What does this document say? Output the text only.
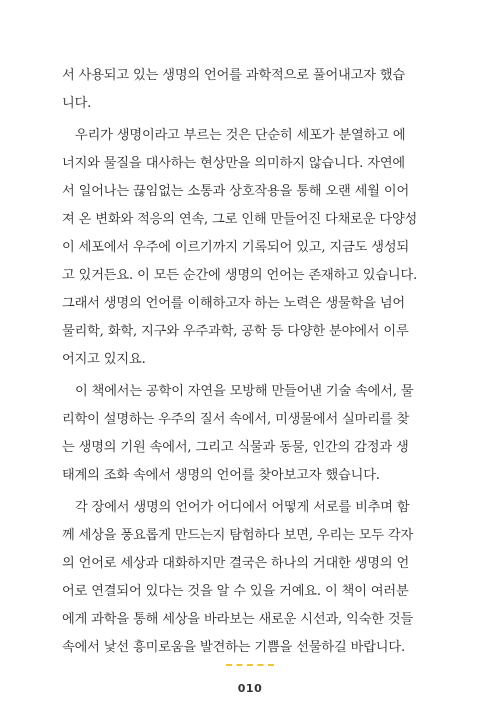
서 사용되고 있는 생명의 언어를 과학적으로 풀어내고자 했습
니다.
우리가 생명이라고 부르는 것은 단순히 세포가 분열하고 에
너지와 물질을 대사하는 현상만을 의미하지 않습니다. 자연에
서 일어나는 끊임없는 소통과 상호작용을 통해 오랜 세월 이어
져 온 변화와 적응의 연속, 그로 인해 만들어진 다채로운 다양성
이 세포에서 우주에 이르기까지 기록되어 있고, 지금도 생성되
고 있거든요. 이 모든 순간에 생명의 언어는 존재하고 있습니다.
그래서 생명의 언어를 이해하고자 하는 노력은 생물학을 넘어
물리학, 화학, 지구와 우주과학, 공학 등 다양한 분야에서 이루
어지고 있지요.
이 책에서는 공학이 자연을 모방해 만들어낸 기술 속에서, 물
리학이 설명하는 우주의 질서 속에서, 미생물에서 실마리를 찾
는 생명의 기원 속에서, 그리고 식물과 동물, 인간의 감정과 생
태계의 조화 속에서 생명의 언어를 찾아보고자 했습니다.
각 장에서 생명의 언어가 어디에서 어떻게 서로를 비추며 함
께 세상을 풍요롭게 만드는지 탐험하다 보면, 우리는 모두 각자
의 언어로 세상과 대화하지만 결국은 하나의 거대한 생명의 언
어로 연결되어 있다는 것을 알 수 있을 거예요. 이 책이 여러분
에게 과학을 통해 세상을 바라보는 새로운 시선과, 익숙한 것들
속에서 낯선 흥미로움을 발견하는 기쁨을 선물하길 바랍니다.
010
